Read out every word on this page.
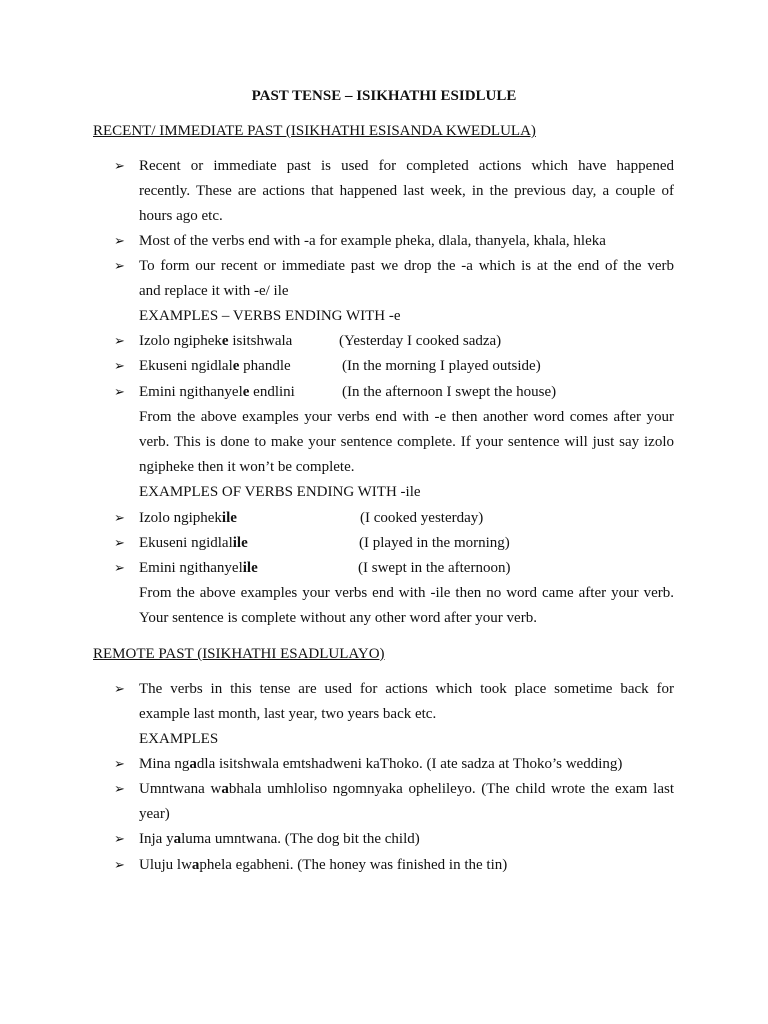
PAST TENSE – ISIKHATHI ESIDLULE
RECENT/ IMMEDIATE PAST (ISIKHATHI ESISANDA KWEDLULA)
➢ Recent or immediate past is used for completed actions which have happened
recently. These are actions that happened last week, in the previous day, a couple of
hours ago etc.
➢ Most of the verbs end with -a for example pheka, dlala, thanyela, khala, hleka
➢ To form our recent or immediate past we drop the -a which is at the end of the verb
and replace it with -e/ ile
EXAMPLES – VERBS ENDING WITH -e
➢ Izolo ngipheke isitshwala	(Yesterday I cooked sadza)
➢ Ekuseni ngidlale phandle	(In the morning I played outside)
➢ Emini ngithanyele endlini	(In the afternoon I swept the house)
From the above examples your verbs end with -e then another word comes after your
verb. This is done to make your sentence complete. If your sentence will just say izolo
ngipheke then it won’t be complete.
EXAMPLES OF VERBS ENDING WITH -ile
➢ Izolo ngiphekile	(I cooked yesterday)
➢ Ekuseni ngidlalile	(I played in the morning)
➢ Emini ngithanyelile	(I swept in the afternoon)
From the above examples your verbs end with -ile then no word came after your verb.
Your sentence is complete without any other word after your verb.
REMOTE PAST (ISIKHATHI ESADLULAYO)
➢ The verbs in this tense are used for actions which took place sometime back for
example last month, last year, two years back etc.
EXAMPLES
➢ Mina ngadla isitshwala emtshadweni kaThoko. (I ate sadza at Thoko’s wedding)
➢ Umntwana wabhala umhloliso ngomnyaka ophelileyo. (The child wrote the exam last
year)
➢ Inja yaluma umntwana. (The dog bit the child)
➢ Uluju lwaphela egabheni. (The honey was finished in the tin)
